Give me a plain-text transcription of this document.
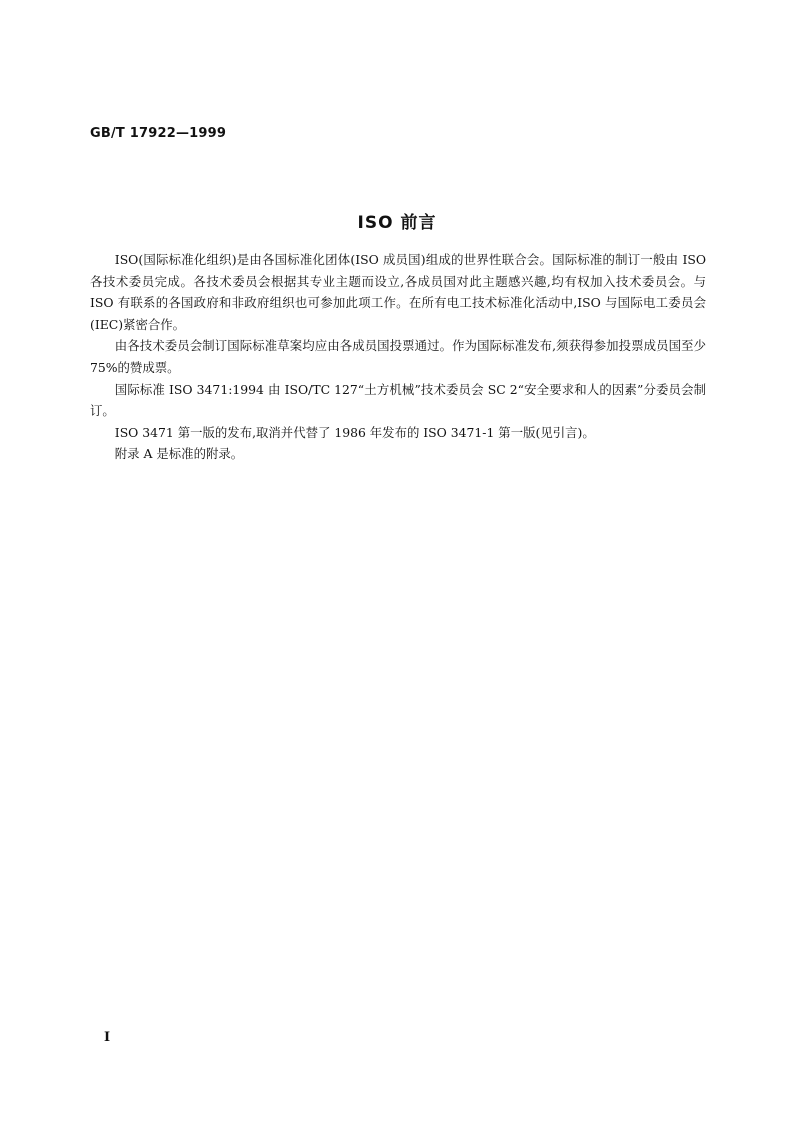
GB/T 17922—1999
ISO 前言

ISO(国际标准化组织)是由各国标准化团体(ISO 成员国)组成的世界性联合会。国际标准的制订一般由 ISO 各技术委员完成。各技术委员会根据其专业主题而设立,各成员国对此主题感兴趣,均有权加入技术委员会。与 ISO 有联系的各国政府和非政府组织也可参加此项工作。在所有电工技术标准化活动中,ISO 与国际电工委员会(IEC)紧密合作。

由各技术委员会制订国际标准草案均应由各成员国投票通过。作为国际标准发布,须获得参加投票成员国至少 75%的赞成票。

国际标准 ISO 3471:1994 由 ISO/TC 127“土方机械”技术委员会 SC 2“安全要求和人的因素”分委员会制订。

ISO 3471 第一版的发布,取消并代替了 1986 年发布的 ISO 3471-1 第一版(见引言)。

附录 A 是标准的附录。

I
